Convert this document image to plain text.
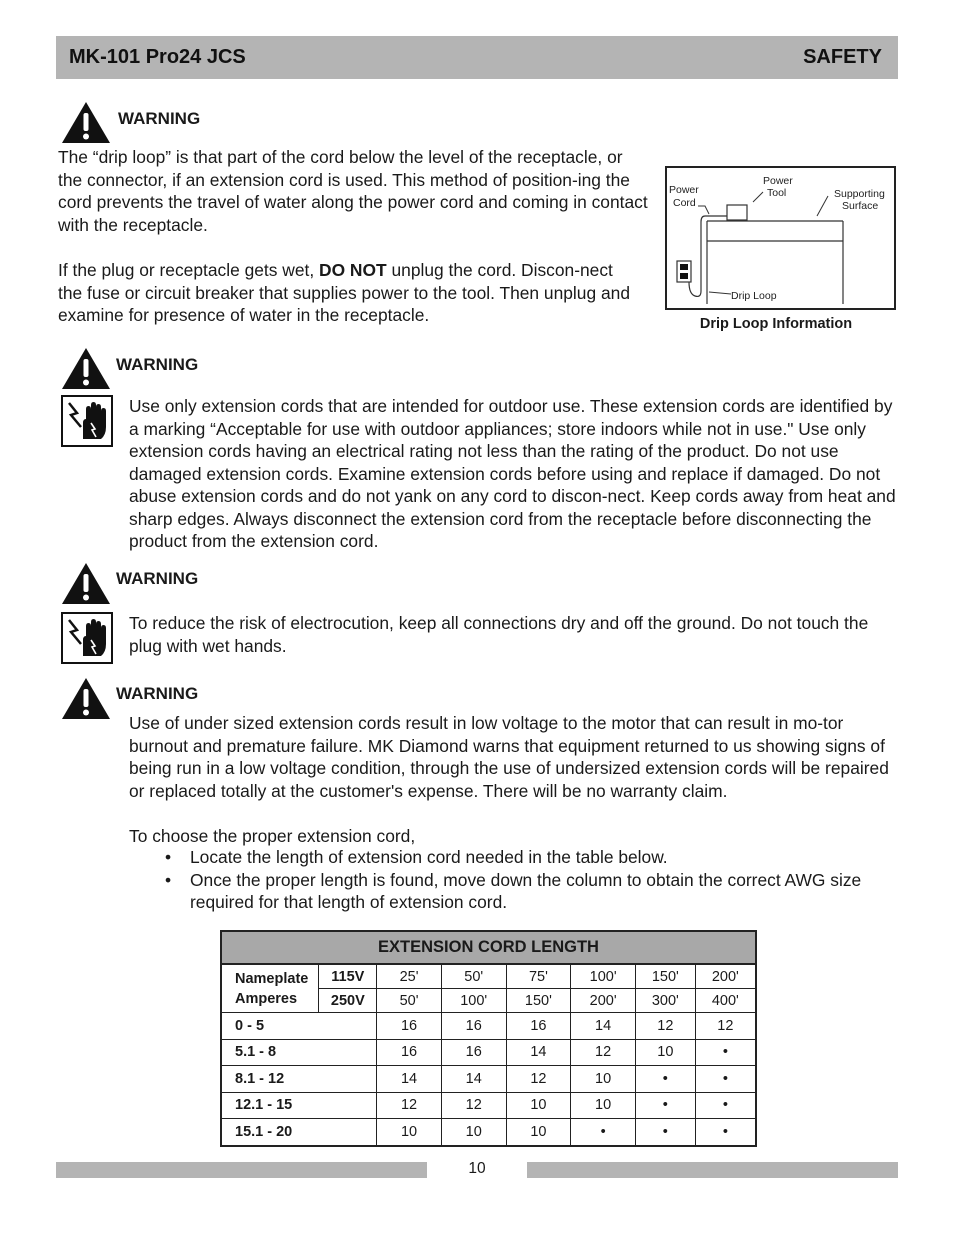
MK-101 Pro24 JCS	SAFETY
WARNING

The “drip loop” is that part of the cord below the level of the receptacle, or the connector, if an extension cord is used. This method of position-ing the cord prevents the travel of water along the power cord and coming in contact with the receptacle.

If the plug or receptacle gets wet, DO NOT unplug the cord. Discon-nect the fuse or circuit breaker that supplies power to the tool. Then unplug and examine for presence of water in the receptacle.

Power Cord
Power Tool	Supporting Surface
Drip Loop
Drip Loop Information
WARNING

Use only extension cords that are intended for outdoor use. These extension cords are identified by a marking “Acceptable for use with outdoor appliances; store indoors while not in use." Use only extension cords having an electrical rating not less than the rating of the product. Do not use damaged extension cords. Examine extension cords before using and replace if damaged. Do not abuse extension cords and do not yank on any cord to discon-nect. Keep cords away from heat and sharp edges. Always disconnect the extension cord from the receptacle before disconnecting the product from the extension cord.

WARNING

To reduce the risk of electrocution, keep all connections dry and off the ground. Do not touch the plug with wet hands.

WARNING

Use of under sized extension cords result in low voltage to the motor that can result in mo-tor burnout and premature failure. MK Diamond warns that equipment returned to us showing signs of being run in a low voltage condition, through the use of undersized extension cords will be repaired or replaced totally at the customer's expense. There will be no warranty claim.

To choose the proper extension cord,

• Locate the length of extension cord needed in the table below.
• Once the proper length is found, move down the column to obtain the correct AWG size required for that length of extension cord.
EXTENSION CORD LENGTH							
Nameplate
Amperes	115V	25'	50'	75'	100'	150'	200'
	250V	50'	100'	150'	200'	300'	400'
0 - 5		16	16	16	14	12	12
5.1 - 8		16	16	14	12	10	•
8.1 - 12		14	14	12	10	•	•
12.1 - 15		12	12	10	10	•	•
15.1 - 20		10	10	10	•	•	•
10
